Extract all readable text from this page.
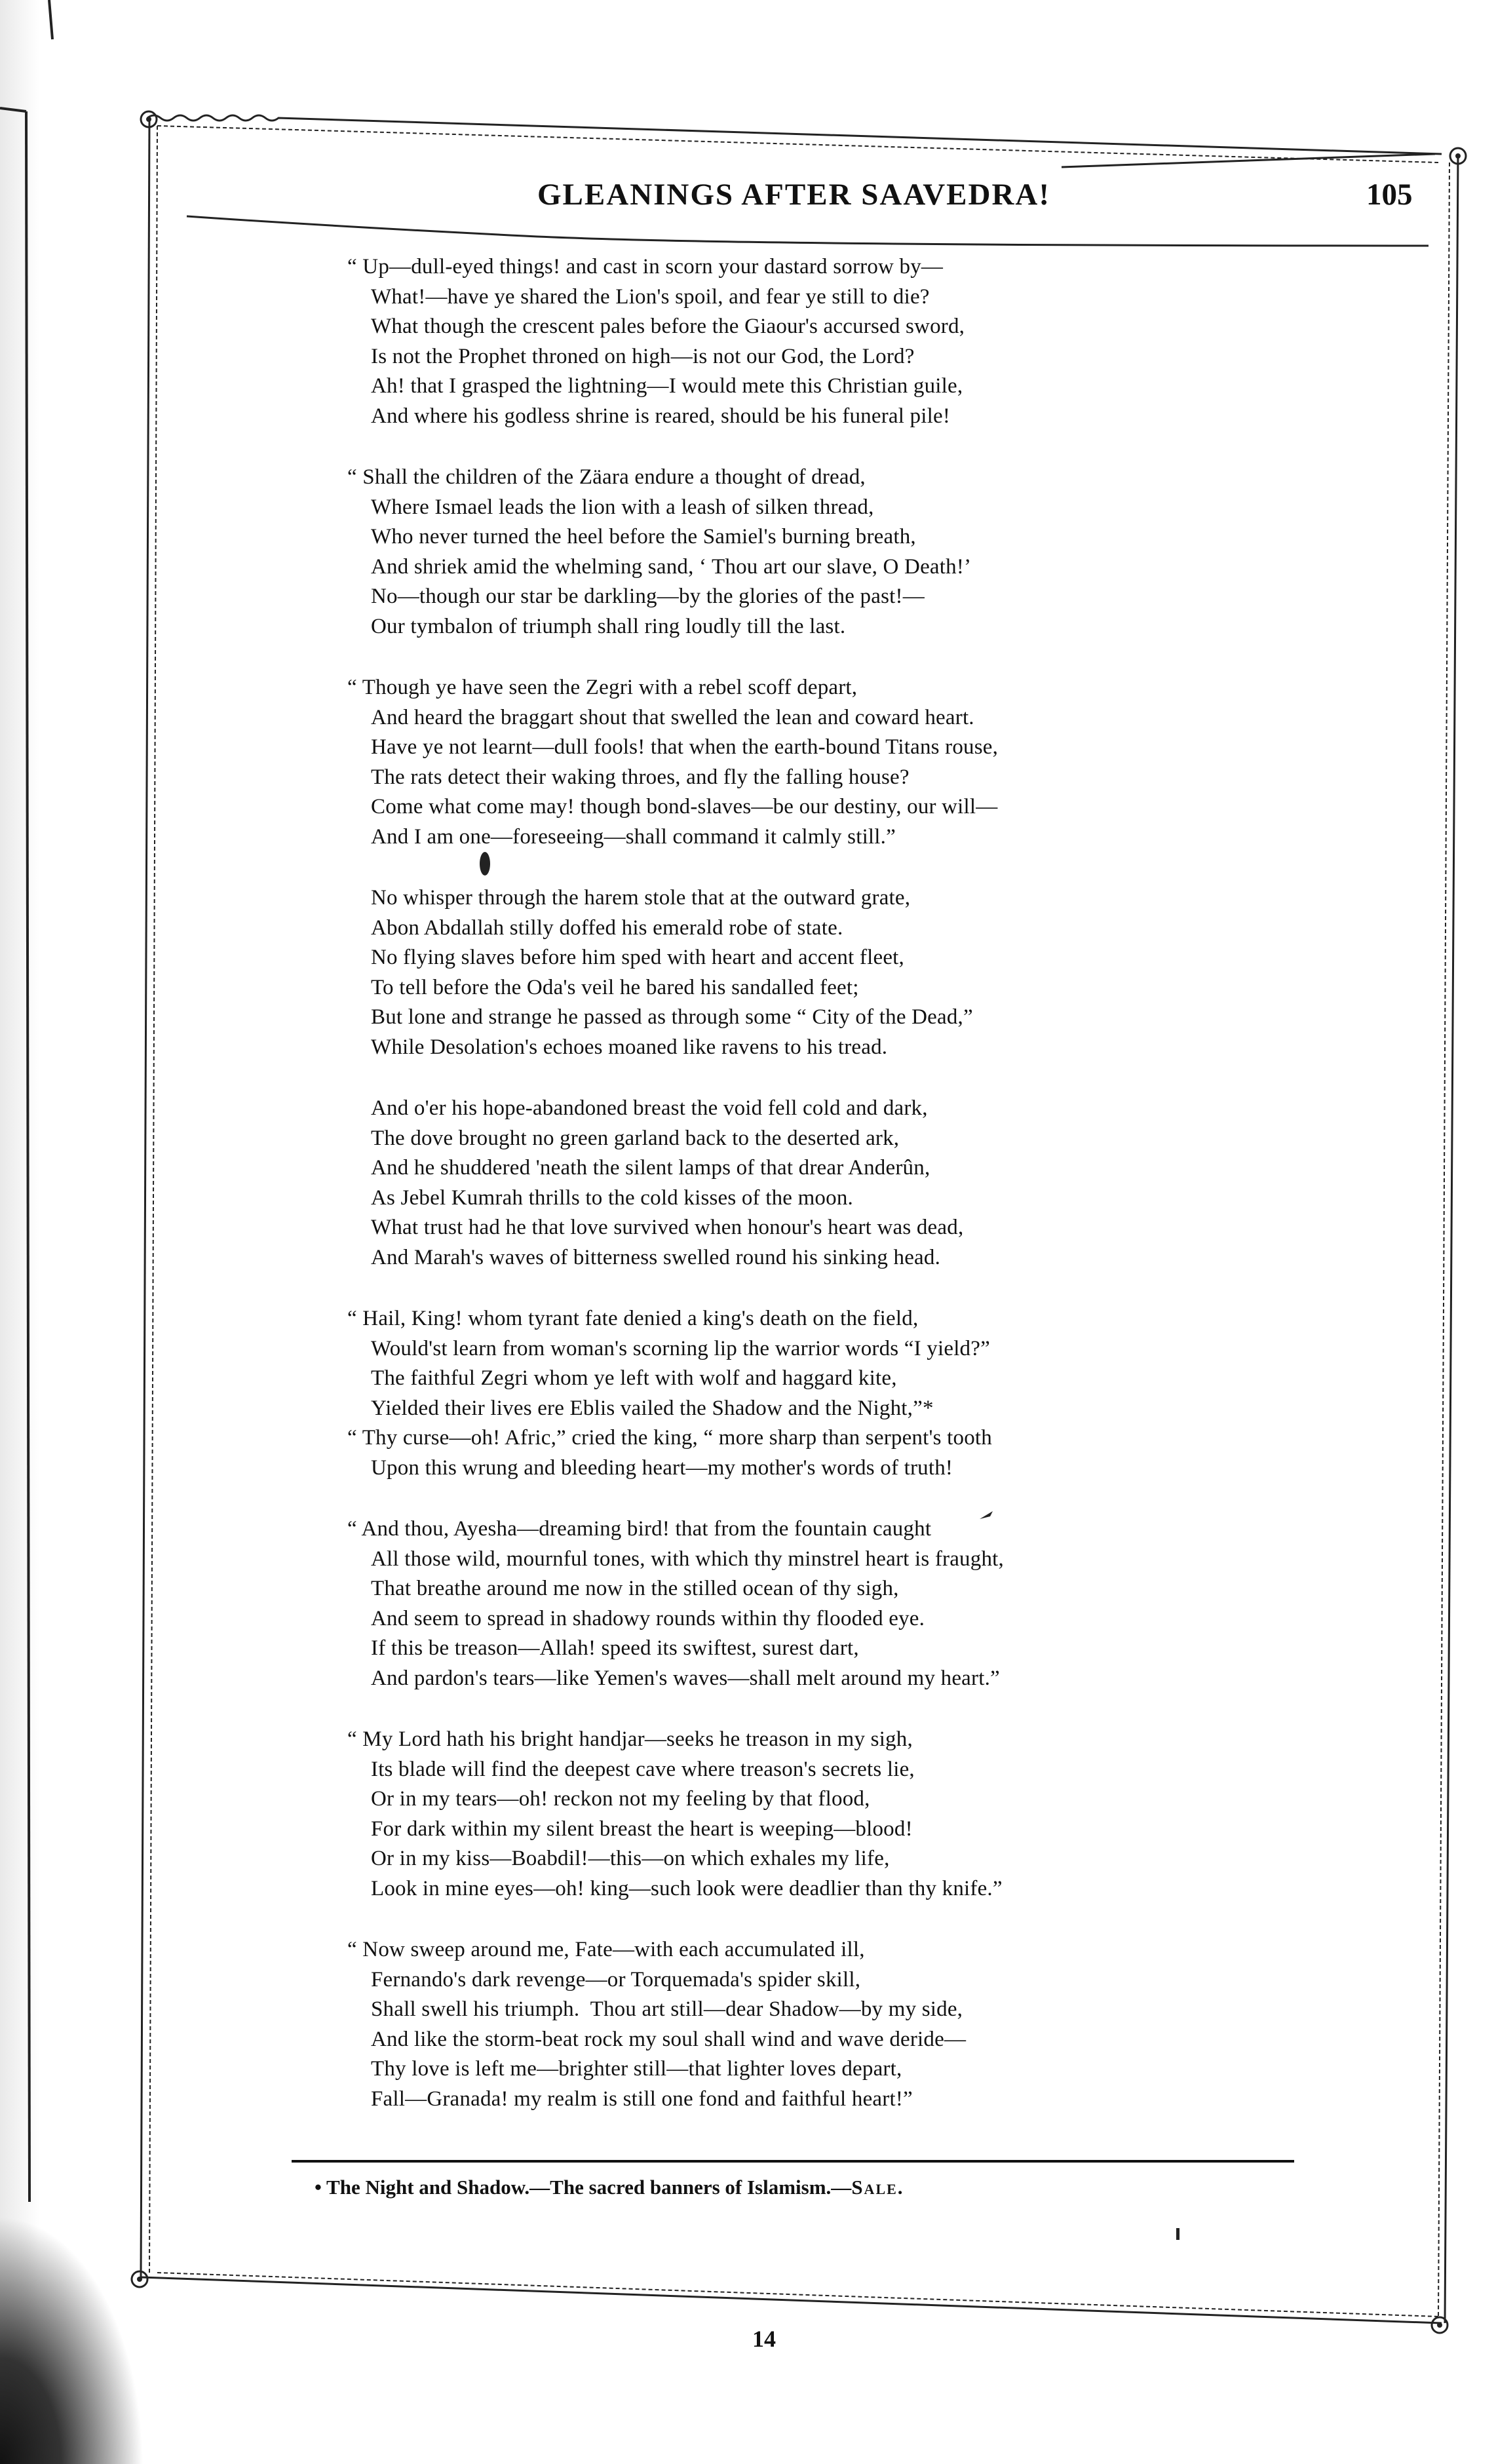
GLEANINGS AFTER SAAVEDRA!	105
“ Up—dull-eyed things! and cast in scorn your dastard sorrow by—
What!—have ye shared the Lion's spoil, and fear ye still to die?
What though the crescent pales before the Giaour's accursed sword,
Is not the Prophet throned on high—is not our God, the Lord?
Ah! that I grasped the lightning—I would mete this Christian guile,
And where his godless shrine is reared, should be his funeral pile!
“ Shall the children of the Zäara endure a thought of dread,
Where Ismael leads the lion with a leash of silken thread,
Who never turned the heel before the Samiel's burning breath,
And shriek amid the whelming sand, ‘ Thou art our slave, O Death!’
No—though our star be darkling—by the glories of the past!—
Our tymbalon of triumph shall ring loudly till the last.
“ Though ye have seen the Zegri with a rebel scoff depart,
And heard the braggart shout that swelled the lean and coward heart.
Have ye not learnt—dull fools! that when the earth-bound Titans rouse,
The rats detect their waking throes, and fly the falling house?
Come what come may! though bond-slaves—be our destiny, our will—
And I am one—foreseeing—shall command it calmly still.”
No whisper through the harem stole that at the outward grate,
Abon Abdallah stilly doffed his emerald robe of state.
No flying slaves before him sped with heart and accent fleet,
To tell before the Oda's veil he bared his sandalled feet;
But lone and strange he passed as through some “ City of the Dead,”
While Desolation's echoes moaned like ravens to his tread.
And o'er his hope-abandoned breast the void fell cold and dark,
The dove brought no green garland back to the deserted ark,
And he shuddered 'neath the silent lamps of that drear Anderûn,
As Jebel Kumrah thrills to the cold kisses of the moon.
What trust had he that love survived when honour's heart was dead,
And Marah's waves of bitterness swelled round his sinking head.
“ Hail, King! whom tyrant fate denied a king's death on the field,
Would'st learn from woman's scorning lip the warrior words “I yield?”
The faithful Zegri whom ye left with wolf and haggard kite,
Yielded their lives ere Eblis vailed the Shadow and the Night,”*
“ Thy curse—oh! Afric,” cried the king, “ more sharp than serpent's tooth
Upon this wrung and bleeding heart—my mother's words of truth!
“ And thou, Ayesha—dreaming bird! that from the fountain caught
All those wild, mournful tones, with which thy minstrel heart is fraught,
That breathe around me now in the stilled ocean of thy sigh,
And seem to spread in shadowy rounds within thy flooded eye.
If this be treason—Allah! speed its swiftest, surest dart,
And pardon's tears—like Yemen's waves—shall melt around my heart.”
“ My Lord hath his bright handjar—seeks he treason in my sigh,
Its blade will find the deepest cave where treason's secrets lie,
Or in my tears—oh! reckon not my feeling by that flood,
For dark within my silent breast the heart is weeping—blood!
Or in my kiss—Boabdil!—this—on which exhales my life,
Look in mine eyes—oh! king—such look were deadlier than thy knife.”
“ Now sweep around me, Fate—with each accumulated ill,
Fernando's dark revenge—or Torquemada's spider skill,
Shall swell his triumph.  Thou art still—dear Shadow—by my side,
And like the storm-beat rock my soul shall wind and wave deride—
Thy love is left me—brighter still—that lighter loves depart,
Fall—Granada! my realm is still one fond and faithful heart!”
• The Night and Shadow.—The sacred banners of Islamism.—Sale.
14
